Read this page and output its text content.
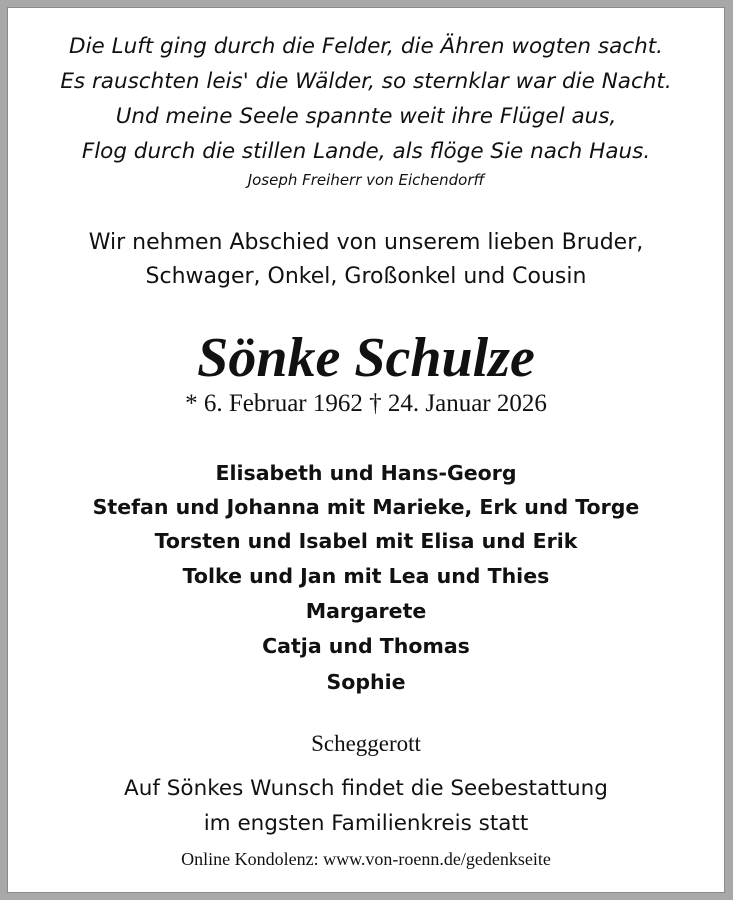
Die Luft ging durch die Felder, die Ähren wogten sacht.
Es rauschten leis' die Wälder, so sternklar war die Nacht.
Und meine Seele spannte weit ihre Flügel aus,
Flog durch die stillen Lande, als flöge Sie nach Haus.
Joseph Freiherr von Eichendorff
Wir nehmen Abschied von unserem lieben Bruder,
Schwager, Onkel, Großonkel und Cousin
Sönke Schulze
* 6. Februar 1962 † 24. Januar 2026
Elisabeth und Hans-Georg
Stefan und Johanna mit Marieke, Erk und Torge
Torsten und Isabel mit Elisa und Erik
Tolke und Jan mit Lea und Thies
Margarete
Catja und Thomas
Sophie
Scheggerott
Auf Sönkes Wunsch findet die Seebestattung
im engsten Familienkreis statt
Online Kondolenz: www.von-roenn.de/gedenkseite
